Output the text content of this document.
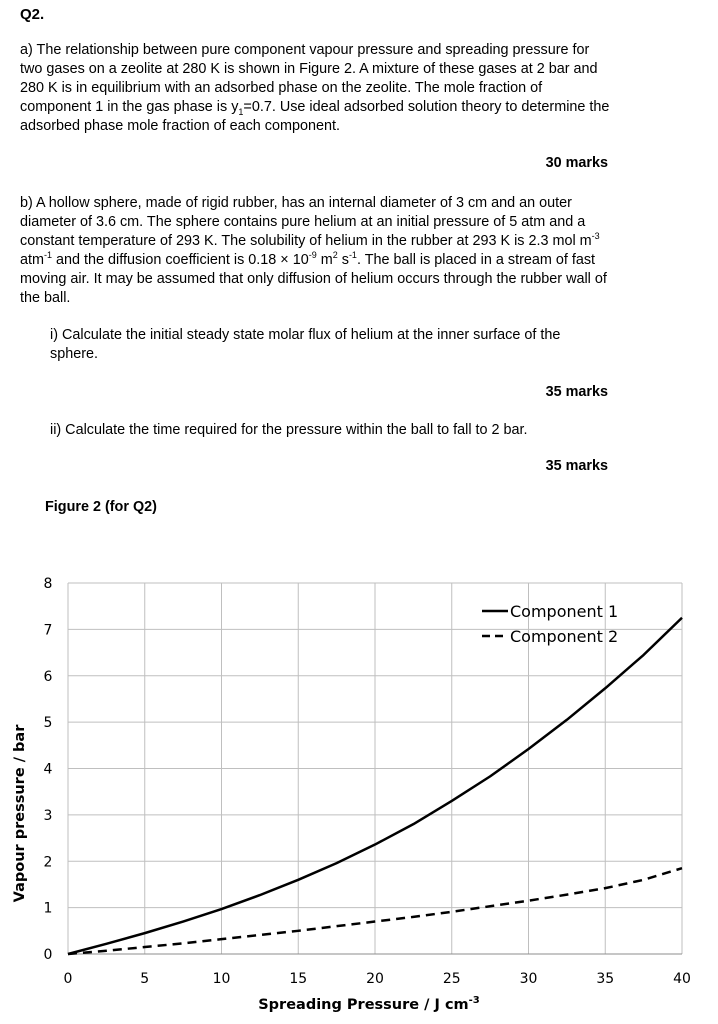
Q2.

a) The relationship between pure component vapour pressure and spreading pressure for two gases on a zeolite at 280 K is shown in Figure 2. A mixture of these gases at 2 bar and 280 K is in equilibrium with an adsorbed phase on the zeolite. The mole fraction of component 1 in the gas phase is $y_1=0.7$. Use ideal adsorbed solution theory to determine the adsorbed phase mole fraction of each component.

30 marks

b) A hollow sphere, made of rigid rubber, has an internal diameter of 3 cm and an outer diameter of 3.6 cm. The sphere contains pure helium at an initial pressure of 5 atm and a constant temperature of 293 K. The solubility of helium in the rubber at 293 K is 2.3 mol $m^{-3}$ atm$^{-1}$ and the diffusion coefficient is $0.18 \times 10^{-9}$ $m^2$ $s^{-1}$. The ball is placed in a stream of fast moving air. It may be assumed that only diffusion of helium occurs through the rubber wall of the ball.

i) Calculate the initial steady state molar flux of helium at the inner surface of the sphere.

35 marks

ii) Calculate the time required for the pressure within the ball to fall to 2 bar.

35 marks
Figure 2 (for Q2)
0	5	10	15	20	25	30	35	40
0
1
2
3
4
5
6
7
8
Spreading Pressure / J $cm^{-3}$
Vapour pressure / bar
Component 1
Component 2
